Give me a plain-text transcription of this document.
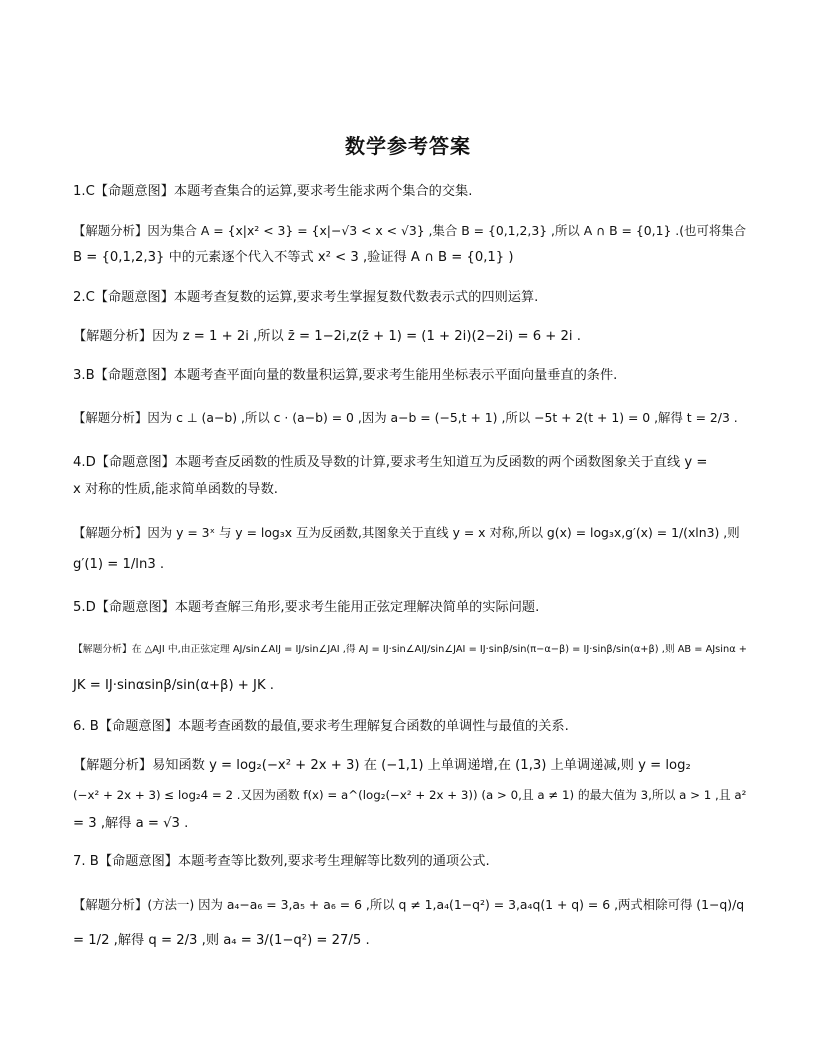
数学参考答案
1.C【命题意图】本题考查集合的运算,要求考生能求两个集合的交集.
【解题分析】因为集合 A = {x|x² < 3} = {x|−√3 < x < √3} ,集合 B = {0,1,2,3} ,所以 A ∩ B = {0,1} .(也可将集合
B = {0,1,2,3} 中的元素逐个代入不等式 x² < 3 ,验证得 A ∩ B = {0,1} )
2.C【命题意图】本题考查复数的运算,要求考生掌握复数代数表示式的四则运算.
【解题分析】因为 z = 1 + 2i ,所以 z̄ = 1−2i,z(z̄ + 1) = (1 + 2i)(2−2i) = 6 + 2i .
3.B【命题意图】本题考查平面向量的数量积运算,要求考生能用坐标表示平面向量垂直的条件.
【解题分析】因为 c ⊥ (a−b) ,所以 c · (a−b) = 0 ,因为 a−b = (−5,t + 1) ,所以 −5t + 2(t + 1) = 0 ,解得 t = 2/3 .
4.D【命题意图】本题考查反函数的性质及导数的计算,要求考生知道互为反函数的两个函数图象关于直线 y =
x 对称的性质,能求简单函数的导数.
【解题分析】因为 y = 3ˣ 与 y = log₃x 互为反函数,其图象关于直线 y = x 对称,所以 g(x) = log₃x,g′(x) = 1/(xln3) ,则
g′(1) = 1/ln3 .
5.D【命题意图】本题考查解三角形,要求考生能用正弦定理解决简单的实际问题.
【解题分析】在 △AJI 中,由正弦定理 AJ/sin∠AIJ = IJ/sin∠JAI ,得 AJ = IJ·sin∠AIJ/sin∠JAI = IJ·sinβ/sin(π−α−β) = IJ·sinβ/sin(α+β) ,则 AB = AJsinα +
JK = IJ·sinαsinβ/sin(α+β) + JK .
6. B【命题意图】本题考查函数的最值,要求考生理解复合函数的单调性与最值的关系.
【解题分析】易知函数 y = log₂(−x² + 2x + 3) 在 (−1,1) 上单调递增,在 (1,3) 上单调递减,则 y = log₂
(−x² + 2x + 3) ≤ log₂4 = 2 .又因为函数 f(x) = a^(log₂(−x² + 2x + 3)) (a > 0,且 a ≠ 1) 的最大值为 3,所以 a > 1 ,且 a²
= 3 ,解得 a = √3 .
7. B【命题意图】本题考查等比数列,要求考生理解等比数列的通项公式.
【解题分析】(方法一) 因为 a₄−a₆ = 3,a₅ + a₆ = 6 ,所以 q ≠ 1,a₄(1−q²) = 3,a₄q(1 + q) = 6 ,两式相除可得 (1−q)/q
= 1/2 ,解得 q = 2/3 ,则 a₄ = 3/(1−q²) = 27/5 .
